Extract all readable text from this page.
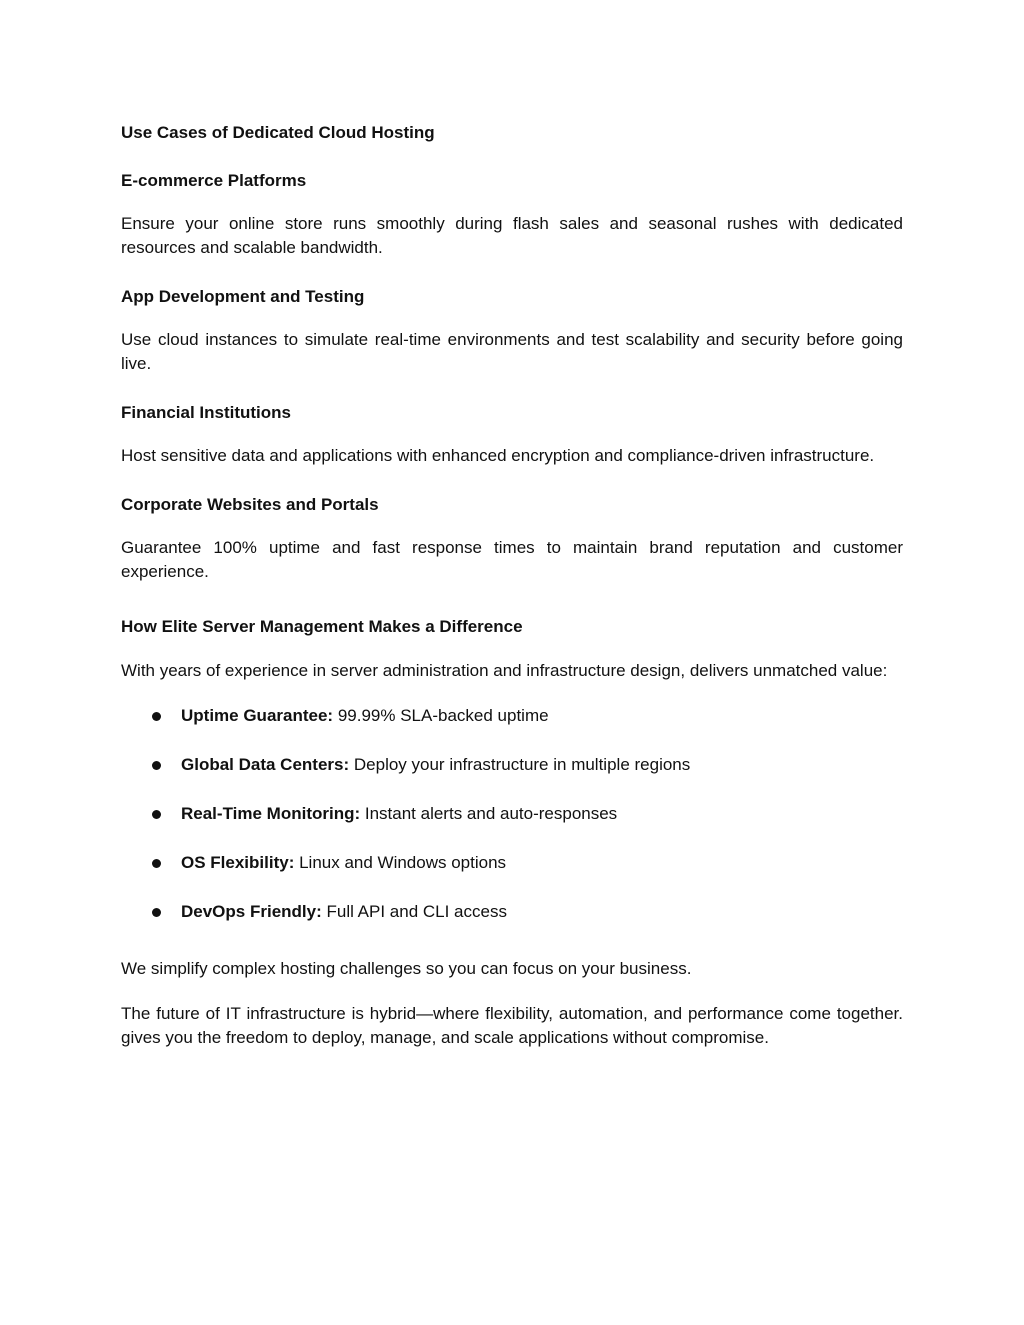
Use Cases of Dedicated Cloud Hosting
E-commerce Platforms

Ensure your online store runs smoothly during flash sales and seasonal rushes with dedicated resources and scalable bandwidth.

App Development and Testing

Use cloud instances to simulate real-time environments and test scalability and security before going live.

Financial Institutions

Host sensitive data and applications with enhanced encryption and compliance-driven infrastructure.

Corporate Websites and Portals

Guarantee 100% uptime and fast response times to maintain brand reputation and customer experience.

How Elite Server Management Makes a Difference

With years of experience in server administration and infrastructure design, delivers unmatched value:

Uptime Guarantee: 99.99% SLA-backed uptime
Global Data Centers: Deploy your infrastructure in multiple regions
Real-Time Monitoring: Instant alerts and auto-responses
OS Flexibility: Linux and Windows options
DevOps Friendly: Full API and CLI access

We simplify complex hosting challenges so you can focus on your business.

The future of IT infrastructure is hybrid—where flexibility, automation, and performance come together. gives you the freedom to deploy, manage, and scale applications without compromise.
